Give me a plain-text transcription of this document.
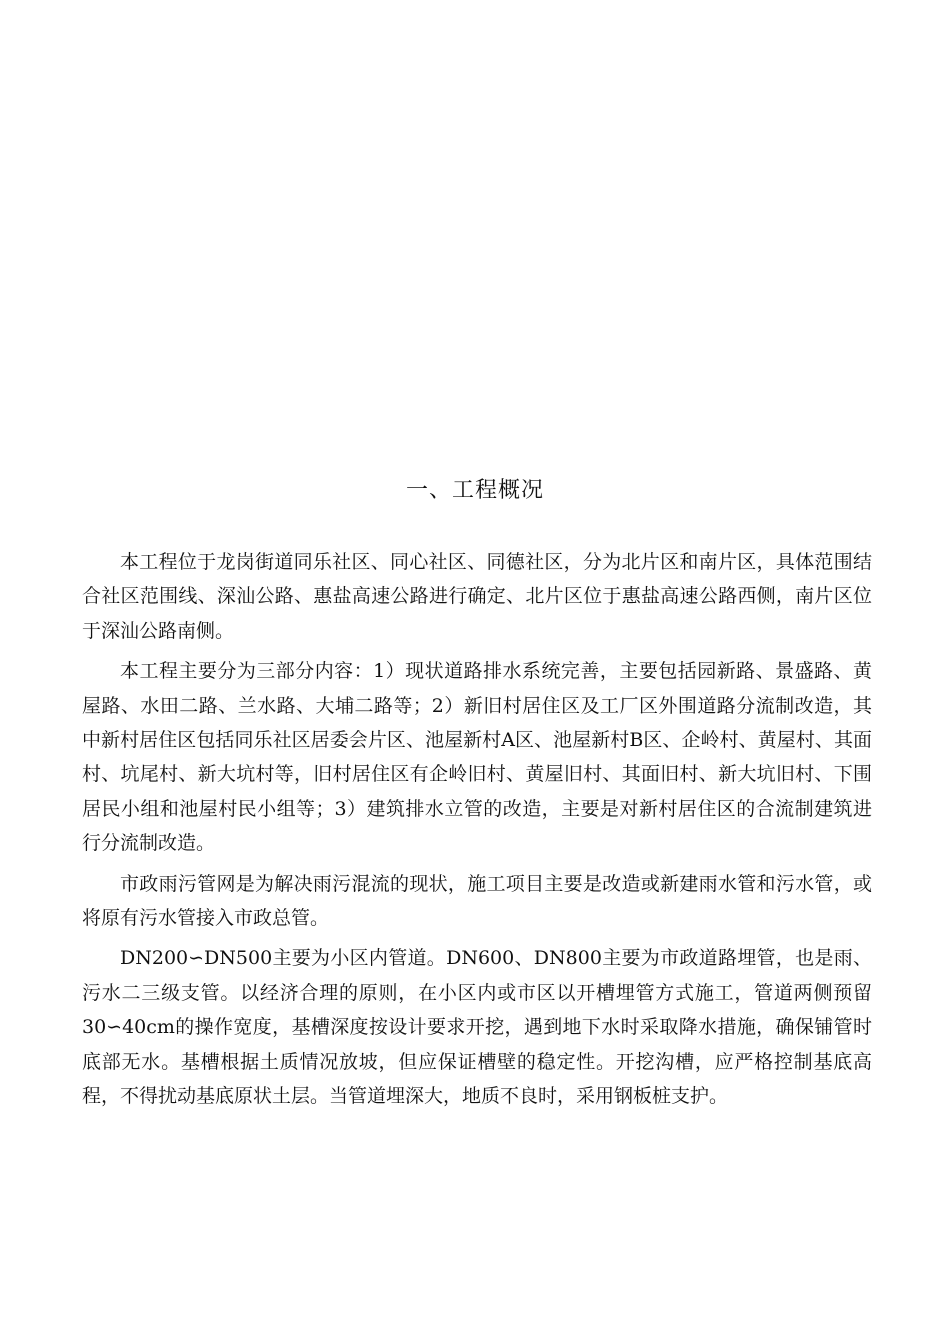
一、工程概况

本工程位于龙岗街道同乐社区、同心社区、同德社区，分为北片区和南片区，具体范围结合社区范围线、深汕公路、惠盐高速公路进行确定、北片区位于惠盐高速公路西侧，南片区位于深汕公路南侧。

本工程主要分为三部分内容：1）现状道路排水系统完善，主要包括园新路、景盛路、黄屋路、水田二路、兰水路、大埔二路等；2）新旧村居住区及工厂区外围道路分流制改造，其中新村居住区包括同乐社区居委会片区、池屋新村A区、池屋新村B区、企岭村、黄屋村、其面村、坑尾村、新大坑村等，旧村居住区有企岭旧村、黄屋旧村、其面旧村、新大坑旧村、下围居民小组和池屋村民小组等；3）建筑排水立管的改造，主要是对新村居住区的合流制建筑进行分流制改造。

市政雨污管网是为解决雨污混流的现状，施工项目主要是改造或新建雨水管和污水管，或将原有污水管接入市政总管。

DN200∽DN500主要为小区内管道。DN600、DN800主要为市政道路埋管，也是雨、污水二三级支管。以经济合理的原则，在小区内或市区以开槽埋管方式施工，管道两侧预留30∽40cm的操作宽度，基槽深度按设计要求开挖，遇到地下水时采取降水措施，确保铺管时底部无水。基槽根据土质情况放坡，但应保证槽壁的稳定性。开挖沟槽，应严格控制基底高程，不得扰动基底原状土层。当管道埋深大，地质不良时，采用钢板桩支护。
